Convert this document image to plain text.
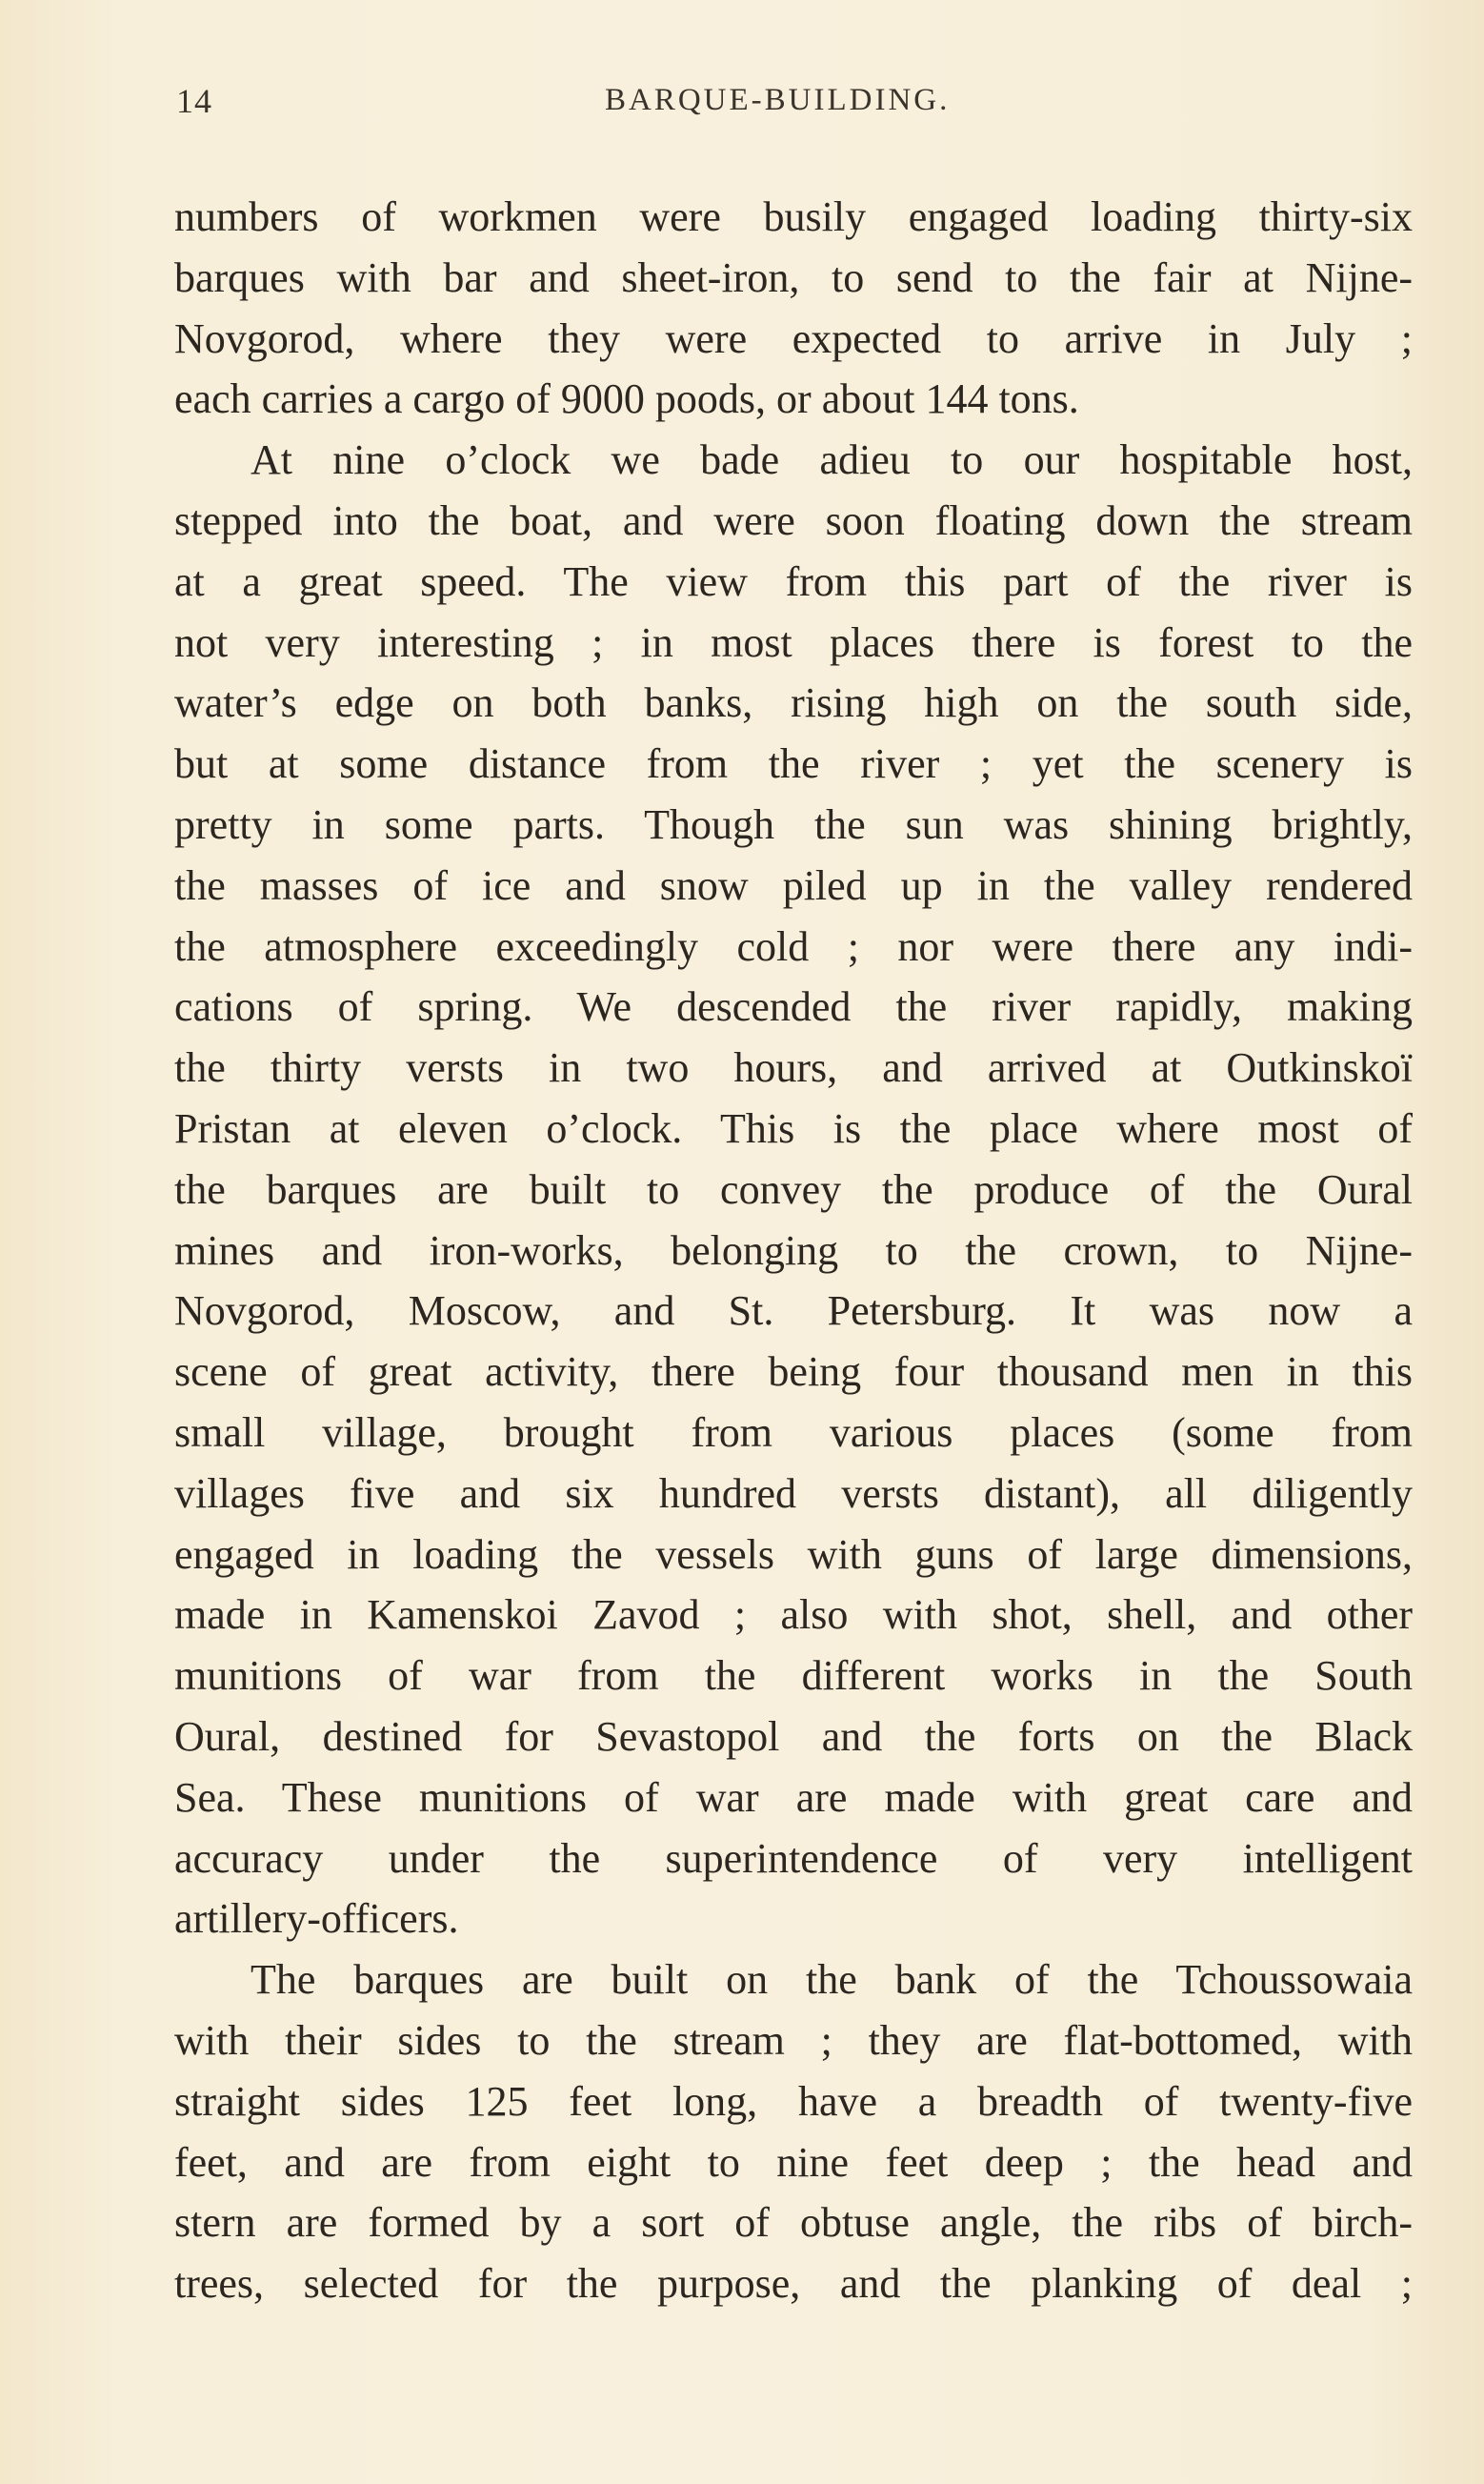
14	BARQUE-BUILDING.
numbers of workmen were busily engaged loading thirty-six
barques with bar and sheet-iron, to send to the fair at Nijne-
Novgorod, where they were expected to arrive in July ;
each carries a cargo of 9000 poods, or about 144 tons.
At nine o’clock we bade adieu to our hospitable host,
stepped into the boat, and were soon floating down the stream
at a great speed. The view from this part of the river is
not very interesting ; in most places there is forest to the
water’s edge on both banks, rising high on the south side,
but at some distance from the river ; yet the scenery is
pretty in some parts. Though the sun was shining brightly,
the masses of ice and snow piled up in the valley rendered
the atmosphere exceedingly cold ; nor were there any indi-
cations of spring. We descended the river rapidly, making
the thirty versts in two hours, and arrived at Outkinskoï
Pristan at eleven o’clock. This is the place where most of
the barques are built to convey the produce of the Oural
mines and iron-works, belonging to the crown, to Nijne-
Novgorod, Moscow, and St. Petersburg. It was now a
scene of great activity, there being four thousand men in this
small village, brought from various places (some from
villages five and six hundred versts distant), all diligently
engaged in loading the vessels with guns of large dimensions,
made in Kamenskoi Zavod ; also with shot, shell, and other
munitions of war from the different works in the South
Oural, destined for Sevastopol and the forts on the Black
Sea. These munitions of war are made with great care and
accuracy under the superintendence of very intelligent
artillery-officers.
The barques are built on the bank of the Tchoussowaia
with their sides to the stream ; they are flat-bottomed, with
straight sides 125 feet long, have a breadth of twenty-five
feet, and are from eight to nine feet deep ; the head and
stern are formed by a sort of obtuse angle, the ribs of birch-
trees, selected for the purpose, and the planking of deal ;
